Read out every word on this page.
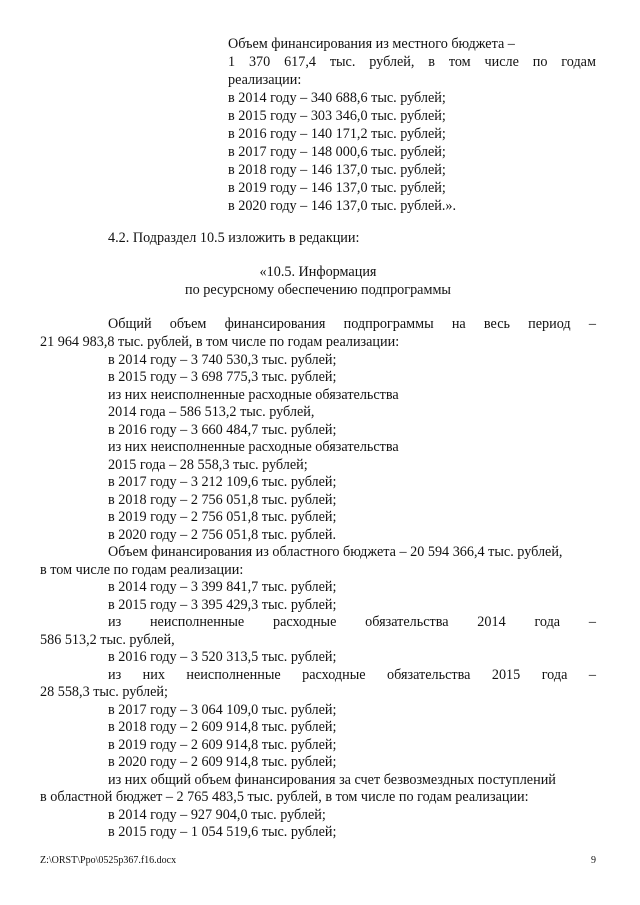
Объем финансирования из местного бюджета –
1 370 617,4 тыс. рублей, в том числе по годам
реализации:
в 2014 году – 340 688,6 тыс. рублей;
в 2015 году – 303 346,0 тыс. рублей;
в 2016 году – 140 171,2 тыс. рублей;
в 2017 году – 148 000,6 тыс. рублей;
в 2018 году – 146 137,0 тыс. рублей;
в 2019 году – 146 137,0 тыс. рублей;
в 2020 году – 146 137,0 тыс. рублей.».
4.2. Подраздел 10.5 изложить в редакции:
«10.5. Информация
по ресурсному обеспечению подпрограммы
Общий объем финансирования подпрограммы на весь период –
21 964 983,8 тыс. рублей, в том числе по годам реализации:
в 2014 году – 3 740 530,3 тыс. рублей;
в 2015 году – 3 698 775,3 тыс. рублей;
из них неисполненные расходные обязательства
2014 года – 586 513,2 тыс. рублей,
в 2016 году – 3 660 484,7 тыс. рублей;
из них неисполненные расходные обязательства
2015 года – 28 558,3 тыс. рублей;
в 2017 году – 3 212 109,6 тыс. рублей;
в 2018 году – 2 756 051,8 тыс. рублей;
в 2019 году – 2 756 051,8 тыс. рублей;
в 2020 году – 2 756 051,8 тыс. рублей.
Объем финансирования из областного бюджета – 20 594 366,4 тыс. рублей,
в том числе по годам реализации:
в 2014 году – 3 399 841,7 тыс. рублей;
в 2015 году – 3 395 429,3 тыс. рублей;
из неисполненные расходные обязательства 2014 года –
586 513,2 тыс. рублей,
в 2016 году – 3 520 313,5 тыс. рублей;
из них неисполненные расходные обязательства 2015 года –
28 558,3 тыс. рублей;
в 2017 году – 3 064 109,0 тыс. рублей;
в 2018 году – 2 609 914,8 тыс. рублей;
в 2019 году – 2 609 914,8 тыс. рублей;
в 2020 году – 2 609 914,8 тыс. рублей;
из них общий объем финансирования за счет безвозмездных поступлений
в областной бюджет – 2 765 483,5 тыс. рублей, в том числе по годам реализации:
в 2014 году – 927 904,0 тыс. рублей;
в 2015 году – 1 054 519,6 тыс. рублей;
Z:\ORST\Ppo\0525p367.f16.docx	9
